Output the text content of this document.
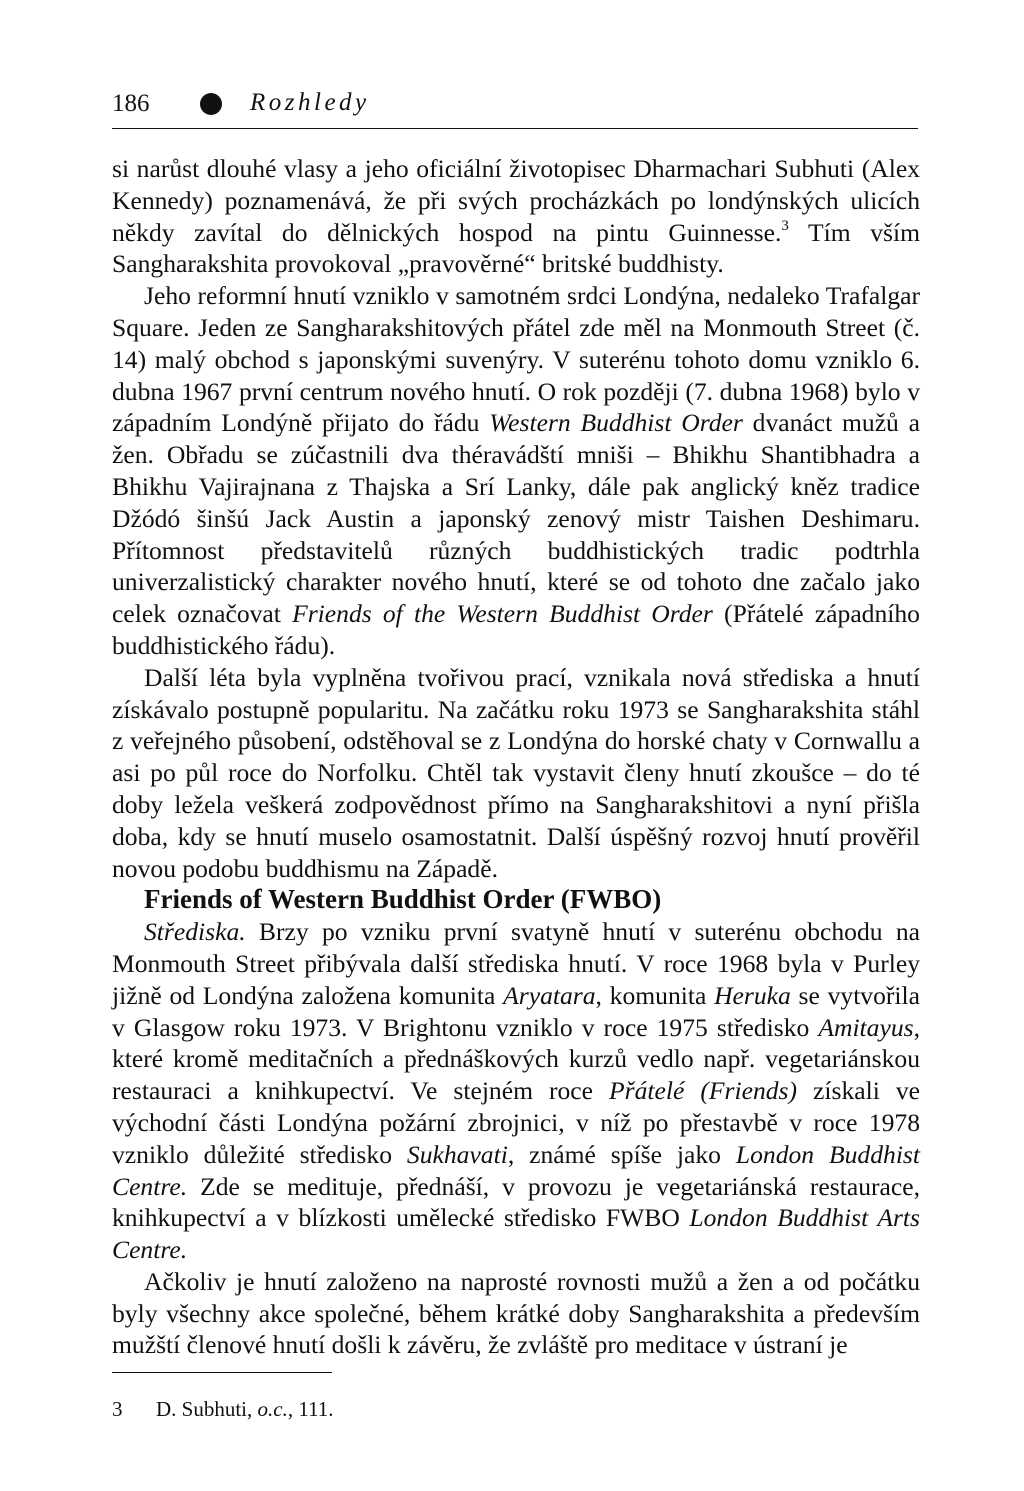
186	Rozhledy

si narůst dlouhé vlasy a jeho oficiální životopisec Dharmachari Subhuti (Alex Kennedy) poznamenává, že při svých procházkách po londýnských ulicích někdy zavítal do dělnických hospod na pintu Guinnesse.$^3$ Tím vším Sangharakshita provokoval „pravověrné“ britské buddhisty.

Jeho reformní hnutí vzniklo v samotném srdci Londýna, nedaleko Trafalgar Square. Jeden ze Sangharakshitových přátel zde měl na Monmouth Street (č. 14) malý obchod s japonskými suvenýry. V suterénu tohoto domu vzniklo 6. dubna 1967 první centrum nového hnutí. O rok později (7. dubna 1968) bylo v západním Londýně přijato do řádu Western Buddhist Order dvanáct mužů a žen. Obřadu se zúčastnili dva théravádští mniši – Bhikhu Shantibhadra a Bhikhu Vajirajnana z Thajska a Srí Lanky, dále pak anglický kněz tradice Džódó šinšú Jack Austin a japonský zenový mistr Taishen Deshimaru. Přítomnost představitelů různých buddhistických tradic podtrhla univerzalistický charakter nového hnutí, které se od tohoto dne začalo jako celek označovat Friends of the Western Buddhist Order (Přátelé západního buddhistického řádu).

Další léta byla vyplněna tvořivou prací, vznikala nová střediska a hnutí získávalo postupně popularitu. Na začátku roku 1973 se Sangharakshita stáhl z veřejného působení, odstěhoval se z Londýna do horské chaty v Cornwallu a asi po půl roce do Norfolku. Chtěl tak vystavit členy hnutí zkoušce – do té doby ležela veškerá zodpovědnost přímo na Sangharakshitovi a nyní přišla doba, kdy se hnutí muselo osamostatnit. Další úspěšný rozvoj hnutí prověřil novou podobu buddhismu na Západě.

Friends of Western Buddhist Order (FWBO)

Střediska. Brzy po vzniku první svatyně hnutí v suterénu obchodu na Monmouth Street přibývala další střediska hnutí. V roce 1968 byla v Purley jižně od Londýna založena komunita Aryatara, komunita Heruka se vytvořila v Glasgow roku 1973. V Brightonu vzniklo v roce 1975 středisko Amitayus, které kromě meditačních a přednáškových kurzů vedlo např. vegetariánskou restauraci a knihkupectví. Ve stejném roce Přátelé (Friends) získali ve východní části Londýna požární zbrojnici, v níž po přestavbě v roce 1978 vzniklo důležité středisko Sukhavati, známé spíše jako London Buddhist Centre. Zde se medituje, přednáší, v provozu je vegetariánská restaurace, knihkupectví a v blízkosti umělecké středisko FWBO London Buddhist Arts Centre.

Ačkoliv je hnutí založeno na naprosté rovnosti mužů a žen a od počátku byly všechny akce společné, během krátké doby Sangharakshita a především mužští členové hnutí došli k závěru, že zvláště pro meditace v ústraní je

3 D. Subhuti, o.c., 111.
